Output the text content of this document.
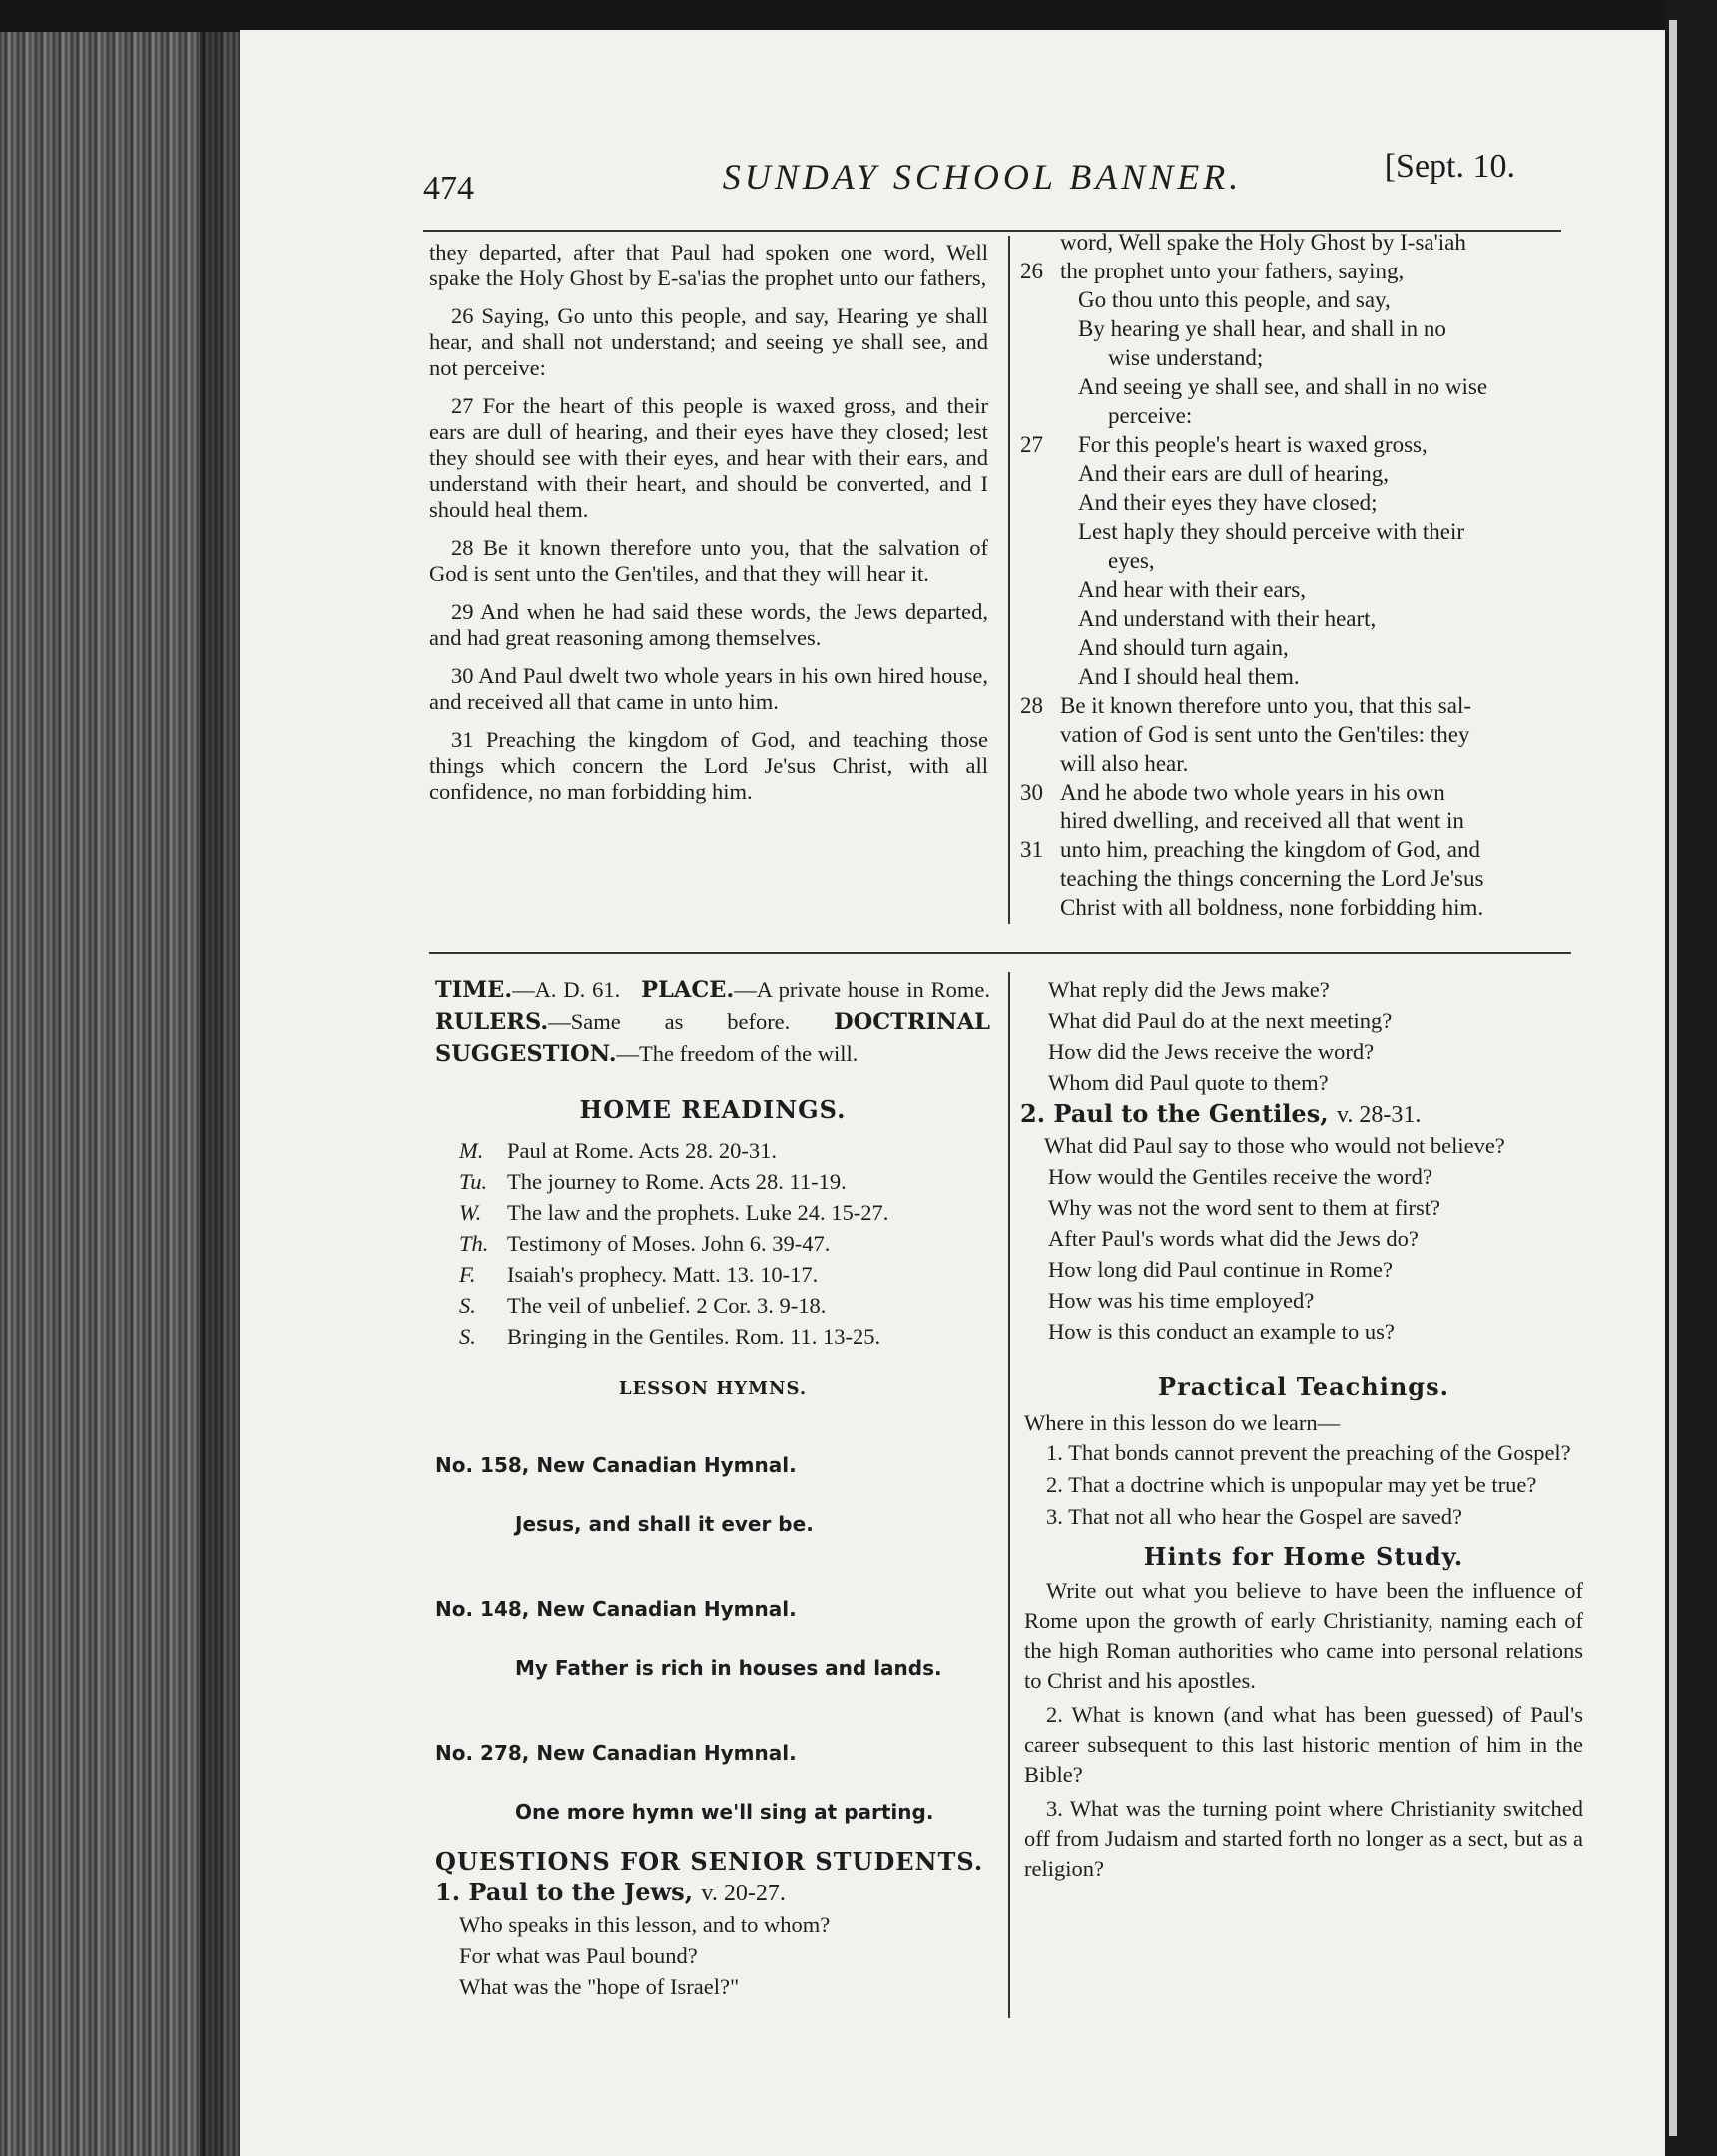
474	SUNDAY SCHOOL BANNER.	[Sept. 10.

they departed, after that Paul had spoken one word, Well spake the Holy Ghost by E-sa'ias the prophet unto our fathers,

26 Saying, Go unto this people, and say, Hearing ye shall hear, and shall not understand; and seeing ye shall see, and not perceive:

27 For the heart of this people is waxed gross, and their ears are dull of hearing, and their eyes have they closed; lest they should see with their eyes, and hear with their ears, and understand with their heart, and should be converted, and I should heal them.

28 Be it known therefore unto you, that the salvation of God is sent unto the Gen'tiles, and that they will hear it.

29 And when he had said these words, the Jews departed, and had great reasoning among themselves.

30 And Paul dwelt two whole years in his own hired house, and received all that came in unto him.

31 Preaching the kingdom of God, and teaching those things which concern the Lord Je'sus Christ, with all confidence, no man forbidding him.

word, Well spake the Holy Ghost by I-sa'iah
26 the prophet unto your fathers, saying,
Go thou unto this people, and say,
By hearing ye shall hear, and shall in no
wise understand;
And seeing ye shall see, and shall in no wise
perceive:
27 For this people's heart is waxed gross,
And their ears are dull of hearing,
And their eyes they have closed;
Lest haply they should perceive with their
eyes,
And hear with their ears,
And understand with their heart,
And should turn again,
And I should heal them.
28 Be it known therefore unto you, that this sal-
vation of God is sent unto the Gen'tiles: they
will also hear.
30 And he abode two whole years in his own
hired dwelling, and received all that went in
31 unto him, preaching the kingdom of God, and
teaching the things concerning the Lord Je'sus
Christ with all boldness, none forbidding him.
TIME.—A. D. 61. PLACE.—A private house in Rome. RULERS.—Same as before. DOCTRINAL SUGGESTION.—The freedom of the will.
HOME READINGS.
M. Paul at Rome. Acts 28. 20-31.
Tu. The journey to Rome. Acts 28. 11-19.
W. The law and the prophets. Luke 24. 15-27.
Th. Testimony of Moses. John 6. 39-47.
F. Isaiah's prophecy. Matt. 13. 10-17.
S. The veil of unbelief. 2 Cor. 3. 9-18.
S. Bringing in the Gentiles. Rom. 11. 13-25.
LESSON HYMNS.
No. 158, New Canadian Hymnal.
Jesus, and shall it ever be.
No. 148, New Canadian Hymnal.
My Father is rich in houses and lands.
No. 278, New Canadian Hymnal.
One more hymn we'll sing at parting.
QUESTIONS FOR SENIOR STUDENTS.
1. Paul to the Jews, v. 20-27.
Who speaks in this lesson, and to whom?
For what was Paul bound?
What was the "hope of Israel?"
What reply did the Jews make?
What did Paul do at the next meeting?
How did the Jews receive the word?
Whom did Paul quote to them?
2. Paul to the Gentiles, v. 28-31.

What did Paul say to those who would not believe?

How would the Gentiles receive the word?
Why was not the word sent to them at first?
After Paul's words what did the Jews do?
How long did Paul continue in Rome?
How was his time employed?
How is this conduct an example to us?
Practical Teachings.

Where in this lesson do we learn—

1. That bonds cannot prevent the preaching of the Gospel?

2. That a doctrine which is unpopular may yet be true?

3. That not all who hear the Gospel are saved?

Hints for Home Study.

Write out what you believe to have been the influence of Rome upon the growth of early Christianity, naming each of the high Roman authorities who came into personal relations to Christ and his apostles.

2. What is known (and what has been guessed) of Paul's career subsequent to this last historic mention of him in the Bible?

3. What was the turning point where Christianity switched off from Judaism and started forth no longer as a sect, but as a religion?
